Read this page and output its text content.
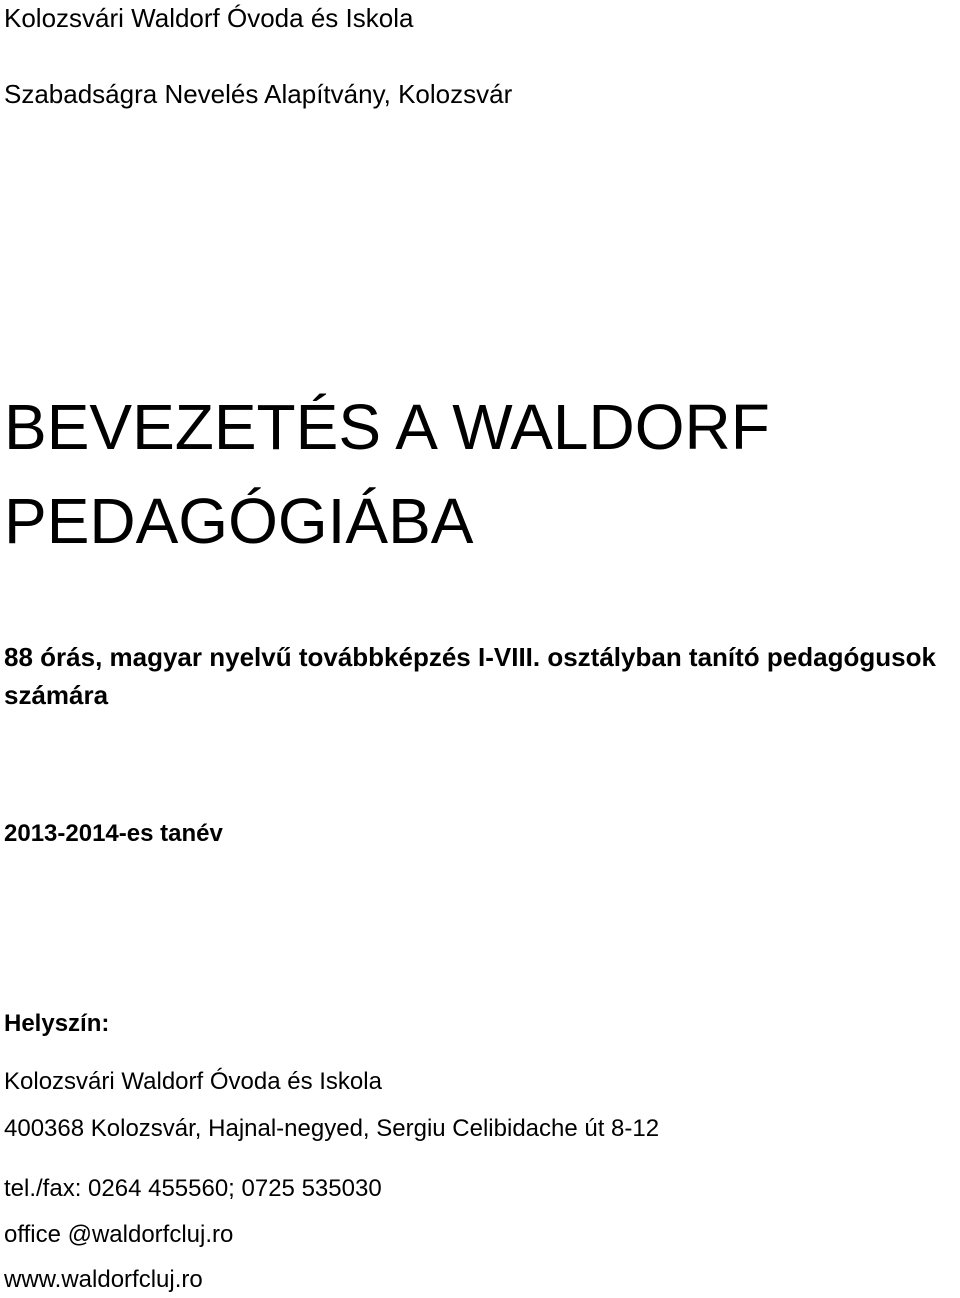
Kolozsvári Waldorf Óvoda és Iskola

Szabadságra Nevelés Alapítvány, Kolozsvár

BEVEZETÉS A WALDORF PEDAGÓGIÁBA

88 órás, magyar nyelvű továbbképzés I-VIII. osztályban tanító pedagógusok számára

2013-2014-es tanév

Helyszín:

Kolozsvári Waldorf Óvoda és Iskola

400368 Kolozsvár, Hajnal-negyed, Sergiu Celibidache út 8-12

tel./fax: 0264 455560; 0725 535030

office @waldorfcluj.ro

www.waldorfcluj.ro
